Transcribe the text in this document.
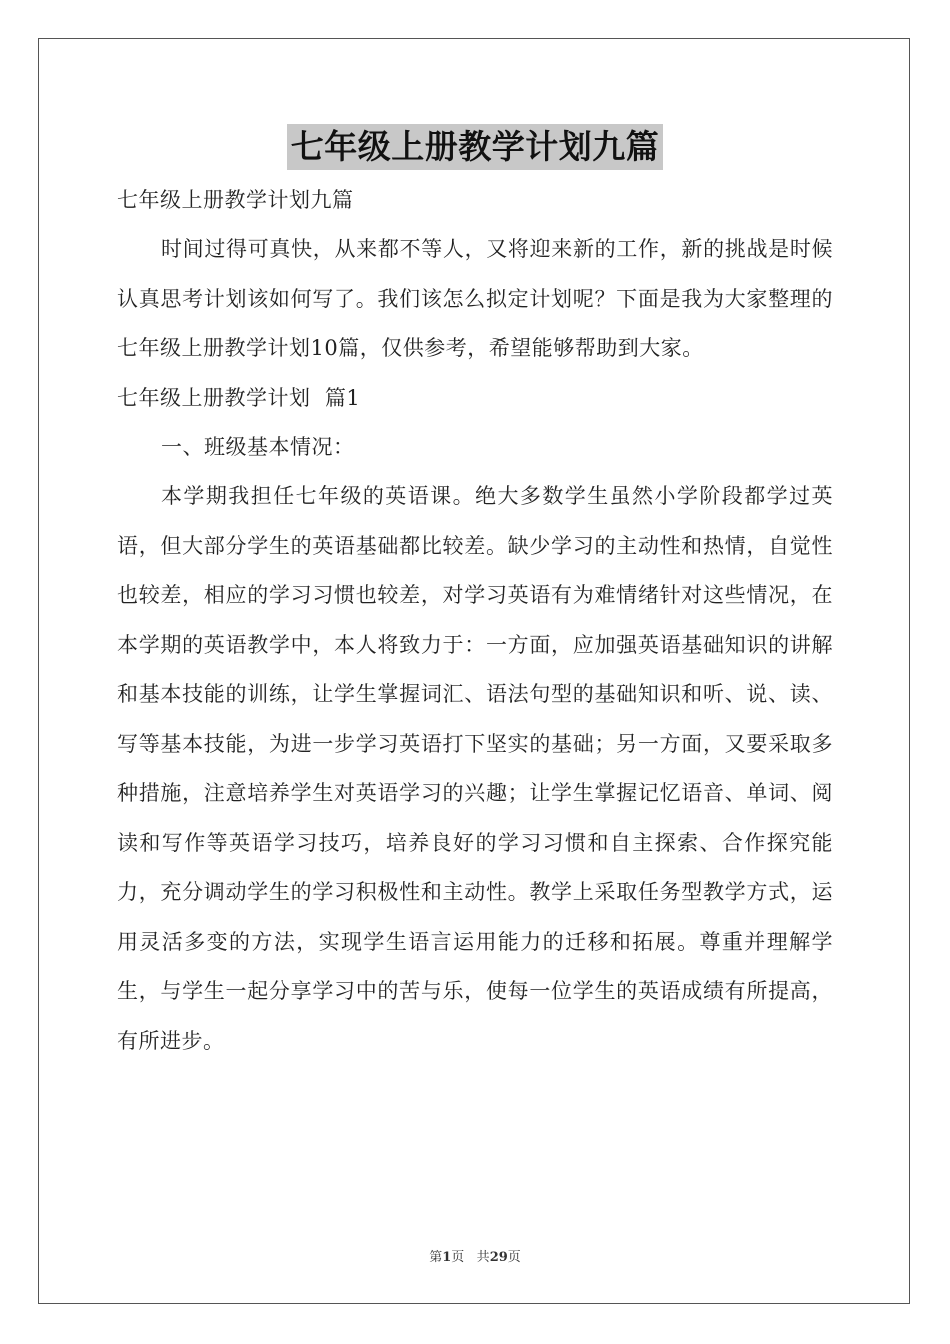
七年级上册教学计划九篇

七年级上册教学计划九篇

时间过得可真快，从来都不等人，又将迎来新的工作，新的挑战是时候认真思考计划该如何写了。我们该怎么拟定计划呢？下面是我为大家整理的七年级上册教学计划10篇，仅供参考，希望能够帮助到大家。

七年级上册教学计划  篇1

一、班级基本情况：

本学期我担任七年级的英语课。绝大多数学生虽然小学阶段都学过英语，但大部分学生的英语基础都比较差。缺少学习的主动性和热情，自觉性也较差，相应的学习习惯也较差，对学习英语有为难情绪针对这些情况，在本学期的英语教学中，本人将致力于：一方面，应加强英语基础知识的讲解和基本技能的训练，让学生掌握词汇、语法句型的基础知识和听、说、读、写等基本技能，为进一步学习英语打下坚实的基础；另一方面，又要采取多种措施，注意培养学生对英语学习的兴趣；让学生掌握记忆语音、单词、阅读和写作等英语学习技巧，培养良好的学习习惯和自主探索、合作探究能力，充分调动学生的学习积极性和主动性。教学上采取任务型教学方式，运用灵活多变的方法，实现学生语言运用能力的迁移和拓展。尊重并理解学生，与学生一起分享学习中的苦与乐，使每一位学生的英语成绩有所提高，有所进步。

第1页 共29页
